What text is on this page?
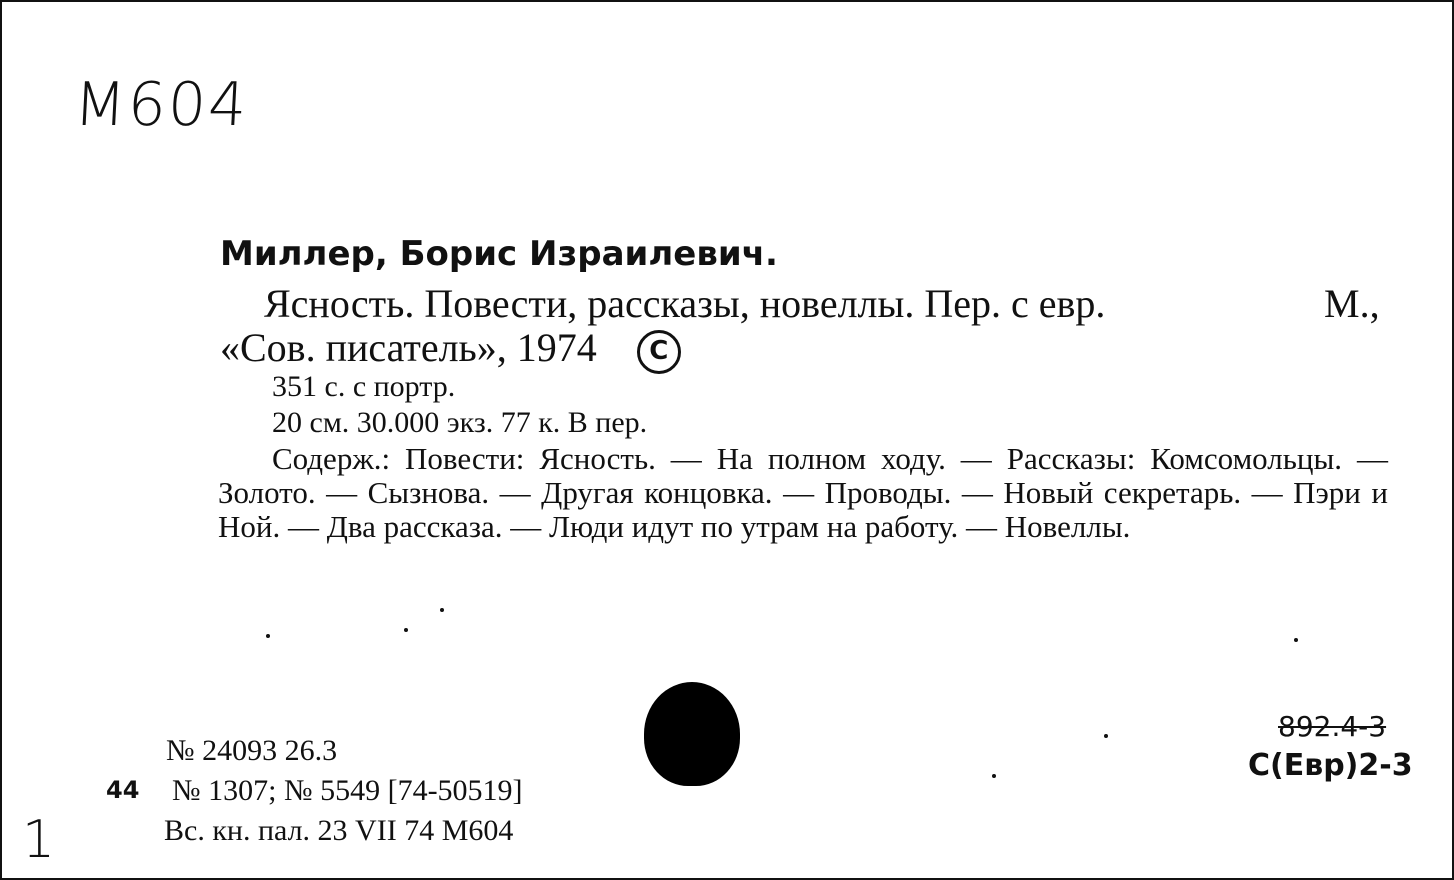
М604
Миллер, Борис Израилевич.
Ясность. Повести, рассказы, новеллы. Пер. с евр.	М.,
«Сов. писатель», 1974 C
351 с. с портр.
20 см. 30.000 экз. 77 к. В пер.
Содерж.: Повести: Ясность. — На полном ходу. — Рассказы: Комсомольцы. — Золото. — Сызнова. — Другая концовка. — Проводы. — Новый секретарь. — Пэри и Ной. — Два рассказа. — Люди идут по утрам на работу. — Новеллы.
№ 24093 26.3
44 № 1307; № 5549 [74-50519]
Вс. кн. пал. 23 VII 74 М604
1
892.4-3
С(Евр)2-3
